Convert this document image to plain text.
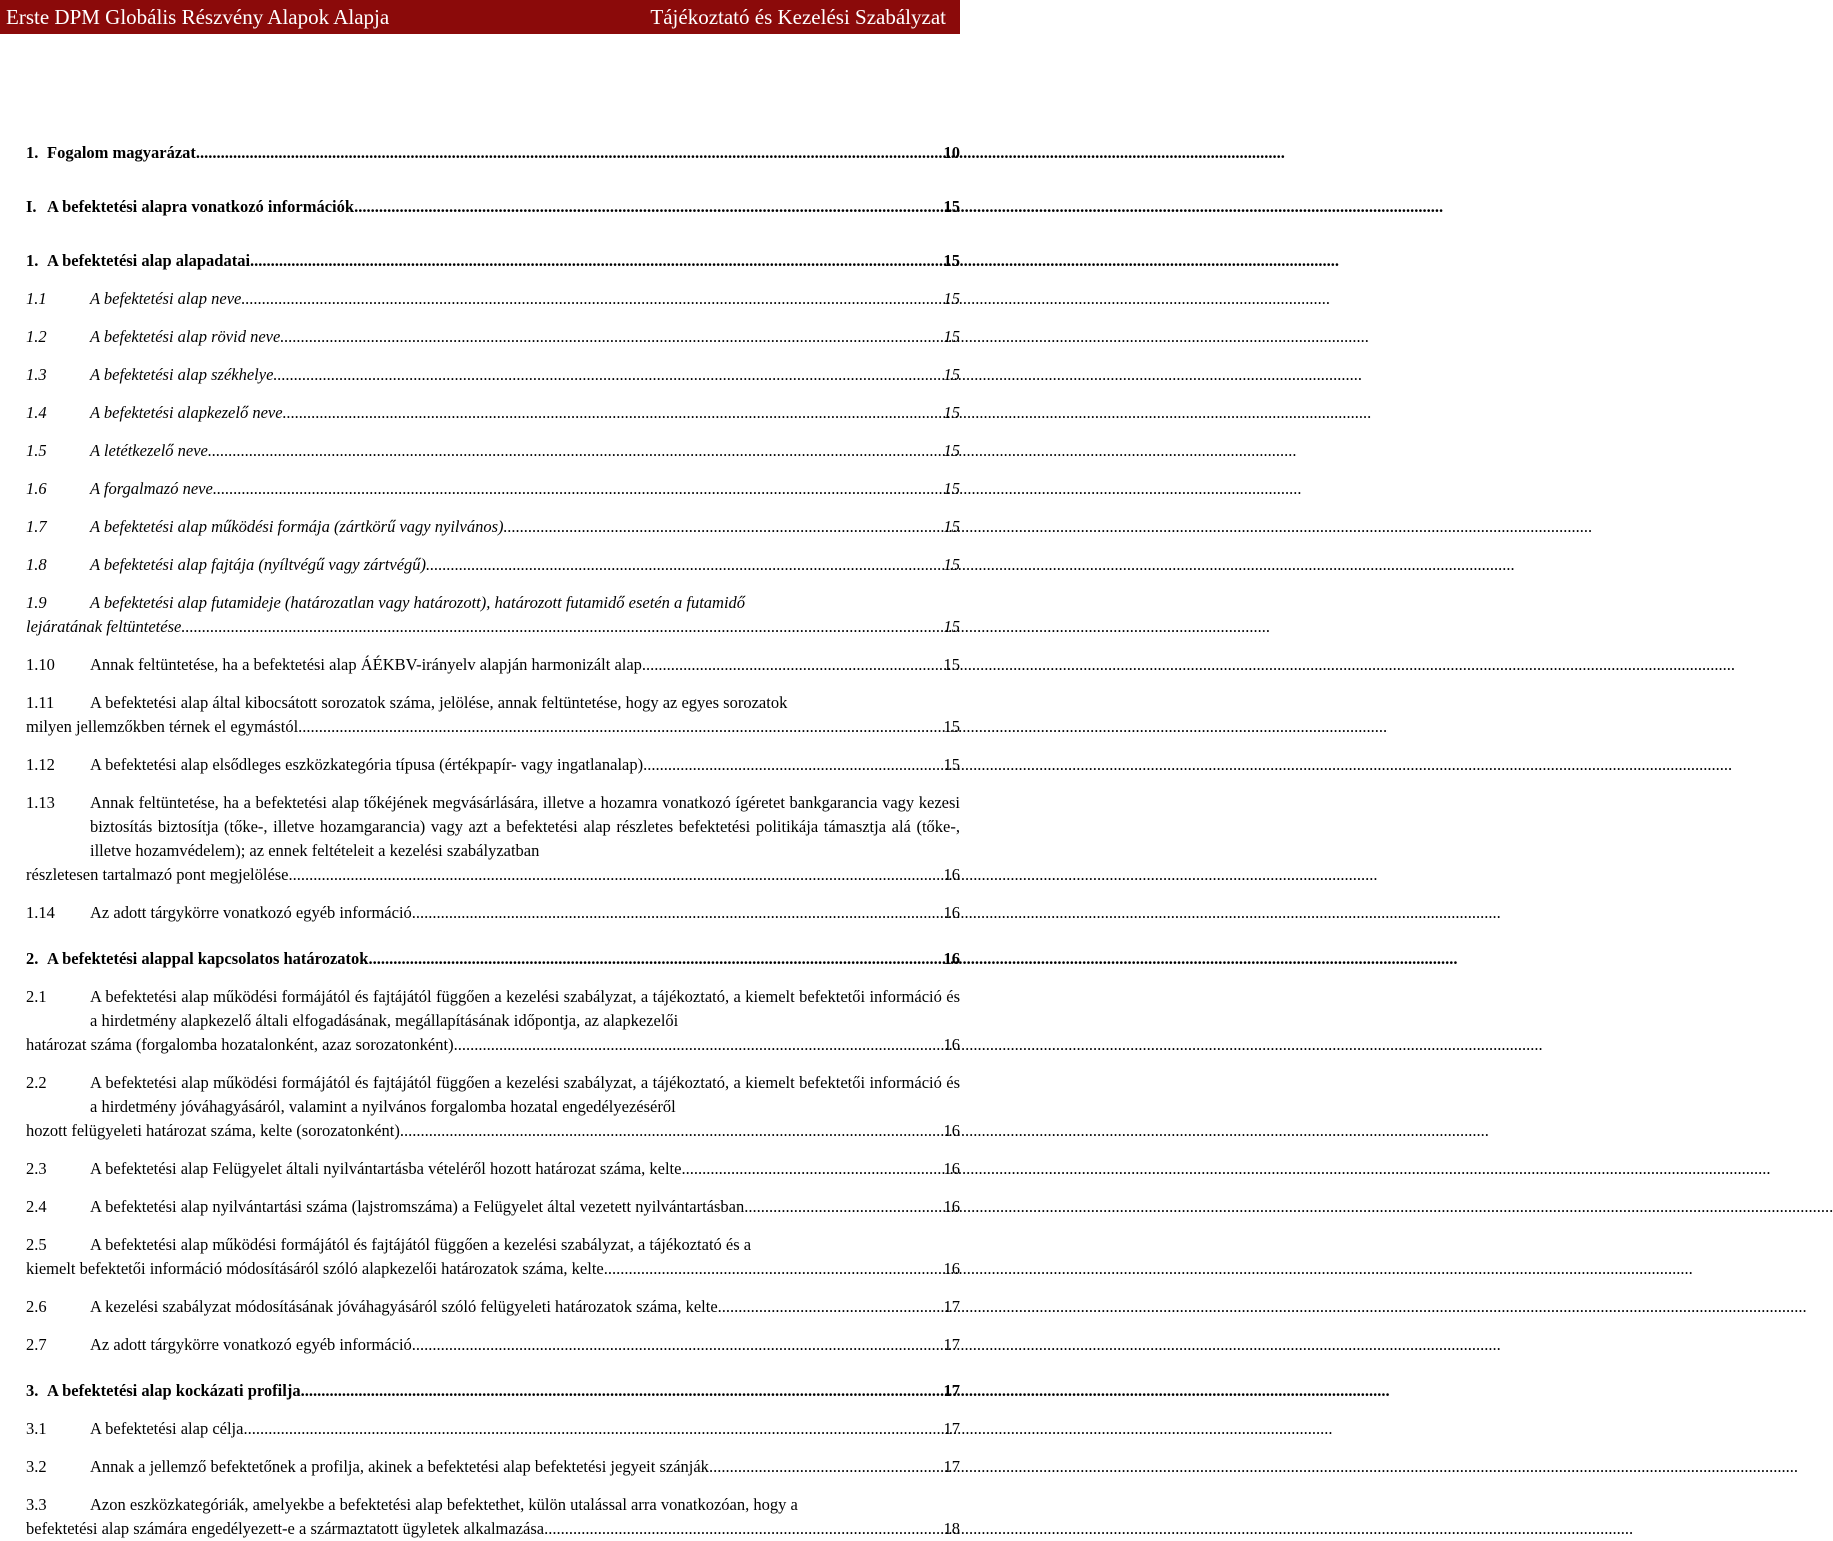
Erste DPM Globális Részvény Alapok Alapja	Tájékoztató és Kezelési Szabályzat
1. Fogalom magyarázat .....	10
I. A befektetési alapra vonatkozó információk .....	15
1. A befektetési alap alapadatai .....	15
1.1	A befektetési alap neve .....	15
1.2	A befektetési alap rövid neve .....	15
1.3	A befektetési alap székhelye .....	15
1.4	A befektetési alapkezelő neve .....	15
1.5	A letétkezelő neve .....	15
1.6	A forgalmazó neve .....	15
1.7	A befektetési alap működési formája (zártkörű vagy nyilvános) .....	15
1.8	A befektetési alap fajtája (nyíltvégű vagy zártvégű) .....	15
1.9	A befektetési alap futamideje (határozatlan vagy határozott), határozott futamidő esetén a futamidő
lejáratának feltüntetése .....	15
1.10	Annak feltüntetése, ha a befektetési alap ÁÉKBV-irányelv alapján harmonizált alap. .....	15
1.11	A befektetési alap által kibocsátott sorozatok száma, jelölése, annak feltüntetése, hogy az egyes sorozatok
milyen jellemzőkben térnek el egymástól .....	15
1.12	A befektetési alap elsődleges eszközkategória típusa (értékpapír- vagy ingatlanalap) .....	15
1.13	Annak feltüntetése, ha a befektetési alap tőkéjének megvásárlására, illetve a hozamra vonatkozó ígéretet bankgarancia vagy kezesi biztosítás biztosítja (tőke-, illetve hozamgarancia) vagy azt a befektetési alap részletes befektetési politikája támasztja alá (tőke-, illetve hozamvédelem); az ennek feltételeit a kezelési szabályzatban
részletesen tartalmazó pont megjelölése .....	16
1.14	Az adott tárgykörre vonatkozó egyéb információ .....	16
2. A befektetési alappal kapcsolatos határozatok .....	16
2.1	A befektetési alap működési formájától és fajtájától függően a kezelési szabályzat, a tájékoztató, a kiemelt befektetői információ és a hirdetmény alapkezelő általi elfogadásának, megállapításának időpontja, az alapkezelői
határozat száma (forgalomba hozatalonként, azaz sorozatonként) .....	16
2.2	A befektetési alap működési formájától és fajtájától függően a kezelési szabályzat, a tájékoztató, a kiemelt befektetői információ és a hirdetmény jóváhagyásáról, valamint a nyilvános forgalomba hozatal engedélyezéséről
hozott felügyeleti határozat száma, kelte (sorozatonként) .....	16
2.3	A befektetési alap Felügyelet általi nyilvántartásba vételéről hozott határozat száma, kelte .....	16
2.4	A befektetési alap nyilvántartási száma (lajstromszáma) a Felügyelet által vezetett nyilvántartásban .....	16
2.5	A befektetési alap működési formájától és fajtájától függően a kezelési szabályzat, a tájékoztató és a
kiemelt befektetői információ módosításáról szóló alapkezelői határozatok száma, kelte .....	16
2.6	A kezelési szabályzat módosításának jóváhagyásáról szóló felügyeleti határozatok száma, kelte .....	17
2.7	Az adott tárgykörre vonatkozó egyéb információ .....	17
3. A befektetési alap kockázati profilja .....	17
3.1	A befektetési alap célja .....	17
3.2	Annak a jellemző befektetőnek a profilja, akinek a befektetési alap befektetési jegyeit szánják .....	17
3.3	Azon eszközkategóriák, amelyekbe a befektetési alap befektethet, külön utalással arra vonatkozóan, hogy a
befektetési alap számára engedélyezett-e a származtatott ügyletek alkalmazása .....	18
